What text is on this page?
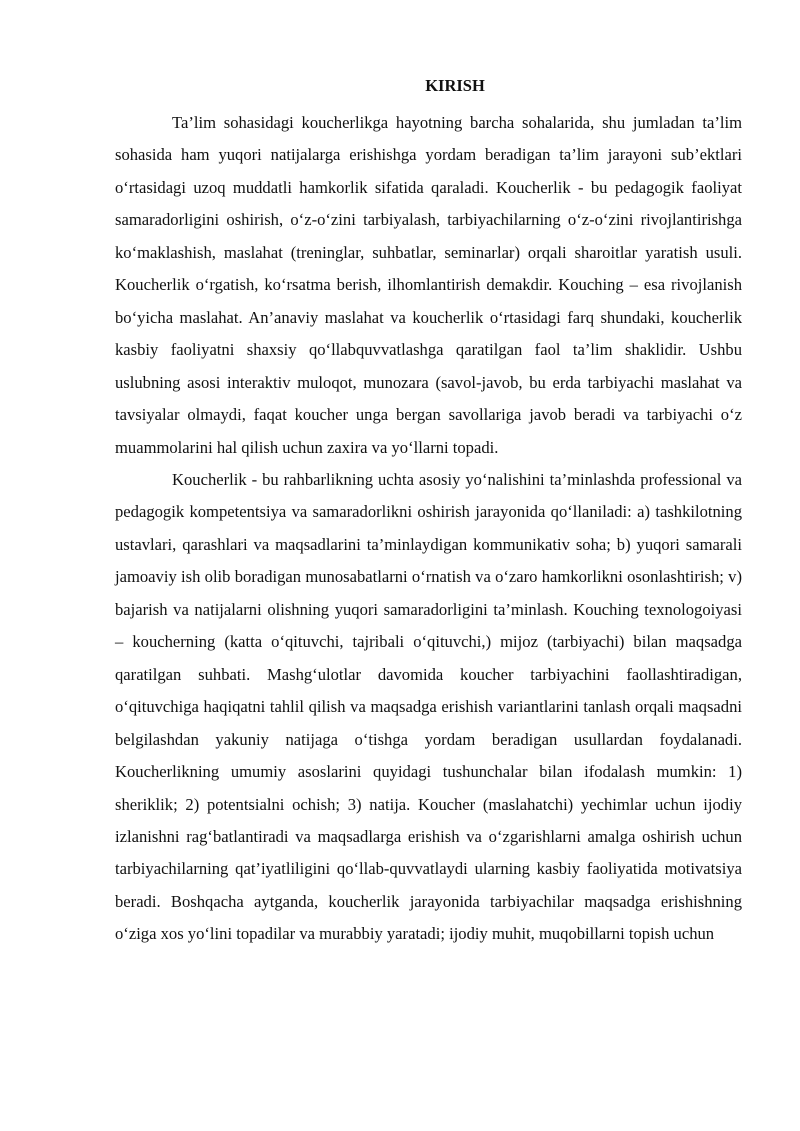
KIRISH

Ta’lim sohasidagi koucherlikga hayotning barcha sohalarida, shu jumladan ta’lim sohasida ham yuqori natijalarga erishishga yordam beradigan ta’lim jarayoni sub’ektlari o‘rtasidagi uzoq muddatli hamkorlik sifatida qaraladi. Koucherlik - bu pedagogik faoliyat samaradorligini oshirish, o‘z-o‘zini tarbiyalash, tarbiyachilarning o‘z-o‘zini rivojlantirishga ko‘maklashish, maslahat (treninglar, suhbatlar, seminarlar) orqali sharoitlar yaratish usuli. Koucherlik o‘rgatish, ko‘rsatma berish, ilhomlantirish demakdir. Kouching – esa rivojlanish bo‘yicha maslahat. An’anaviy maslahat va koucherlik o‘rtasidagi farq shundaki, koucherlik kasbiy faoliyatni shaxsiy qo‘llabquvvatlashga qaratilgan faol ta’lim shaklidir. Ushbu uslubning asosi interaktiv muloqot, munozara (savol-javob, bu erda tarbiyachi maslahat va tavsiyalar olmaydi, faqat koucher unga bergan savollariga javob beradi va tarbiyachi o‘z muammolarini hal qilish uchun zaxira va yo‘llarni topadi.

Koucherlik - bu rahbarlikning uchta asosiy yo‘nalishini ta’minlashda professional va pedagogik kompetentsiya va samaradorlikni oshirish jarayonida qo‘llaniladi: a) tashkilotning ustavlari, qarashlari va maqsadlarini ta’minlaydigan kommunikativ soha; b) yuqori samarali jamoaviy ish olib boradigan munosabatlarni o‘rnatish va o‘zaro hamkorlikni osonlashtirish; v) bajarish va natijalarni olishning yuqori samaradorligini ta’minlash. Kouching texnologoiyasi – koucherning (katta o‘qituvchi, tajribali o‘qituvchi,) mijoz (tarbiyachi) bilan maqsadga qaratilgan suhbati. Mashg‘ulotlar davomida koucher tarbiyachini faollashtiradigan, o‘qituvchiga haqiqatni tahlil qilish va maqsadga erishish variantlarini tanlash orqali maqsadni belgilashdan yakuniy natijaga o‘tishga yordam beradigan usullardan foydalanadi. Koucherlikning umumiy asoslarini quyidagi tushunchalar bilan ifodalash mumkin: 1) sheriklik; 2) potentsialni ochish; 3) natija. Koucher (maslahatchi) yechimlar uchun ijodiy izlanishni rag‘batlantiradi va maqsadlarga erishish va o‘zgarishlarni amalga oshirish uchun tarbiyachilarning qat’iyatliligini qo‘llab-quvvatlaydi ularning kasbiy faoliyatida motivatsiya beradi. Boshqacha aytganda, koucherlik jarayonida tarbiyachilar maqsadga erishishning o‘ziga xos yo‘lini topadilar va murabbiy yaratadi; ijodiy muhit, muqobillarni topish uchun
